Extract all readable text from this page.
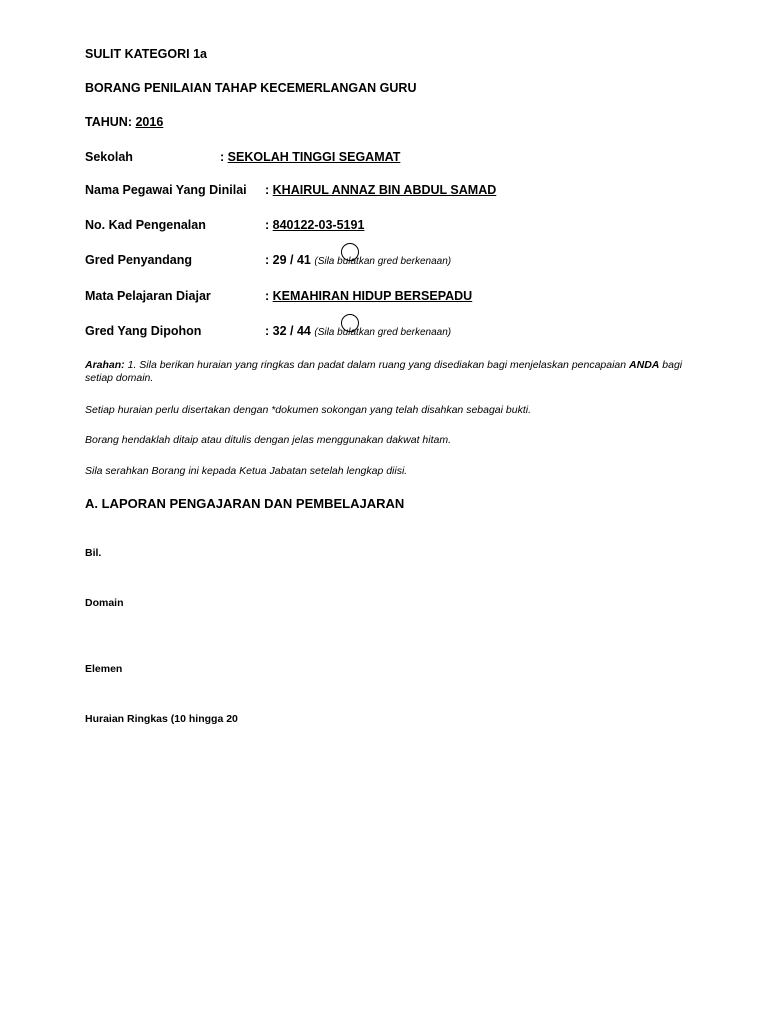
SULIT KATEGORI 1a
BORANG PENILAIAN TAHAP KECEMERLANGAN GURU
TAHUN: 2016
Sekolah	: SEKOLAH TINGGI SEGAMAT
Nama Pegawai Yang Dinilai : KHAIRUL ANNAZ BIN ABDUL SAMAD
No. Kad Pengenalan	: 840122-03-5191
Gred Penyandang	: 29 / 41 (Sila bulatkan gred berkenaan)
Mata Pelajaran Diajar	: KEMAHIRAN HIDUP BERSEPADU
Gred Yang Dipohon	: 32 / 44 (Sila bulatkan gred berkenaan)
Arahan: 1. Sila berikan huraian yang ringkas dan padat dalam ruang yang disediakan bagi menjelaskan pencapaian ANDA bagi setiap domain.
Setiap huraian perlu disertakan dengan *dokumen sokongan yang telah disahkan sebagai bukti.
Borang hendaklah ditaip atau ditulis dengan jelas menggunakan dakwat hitam.
Sila serahkan Borang ini kepada Ketua Jabatan setelah lengkap diisi.
A. LAPORAN PENGAJARAN DAN PEMBELAJARAN
Bil.
Domain
Elemen
Huraian Ringkas (10 hingga 20
